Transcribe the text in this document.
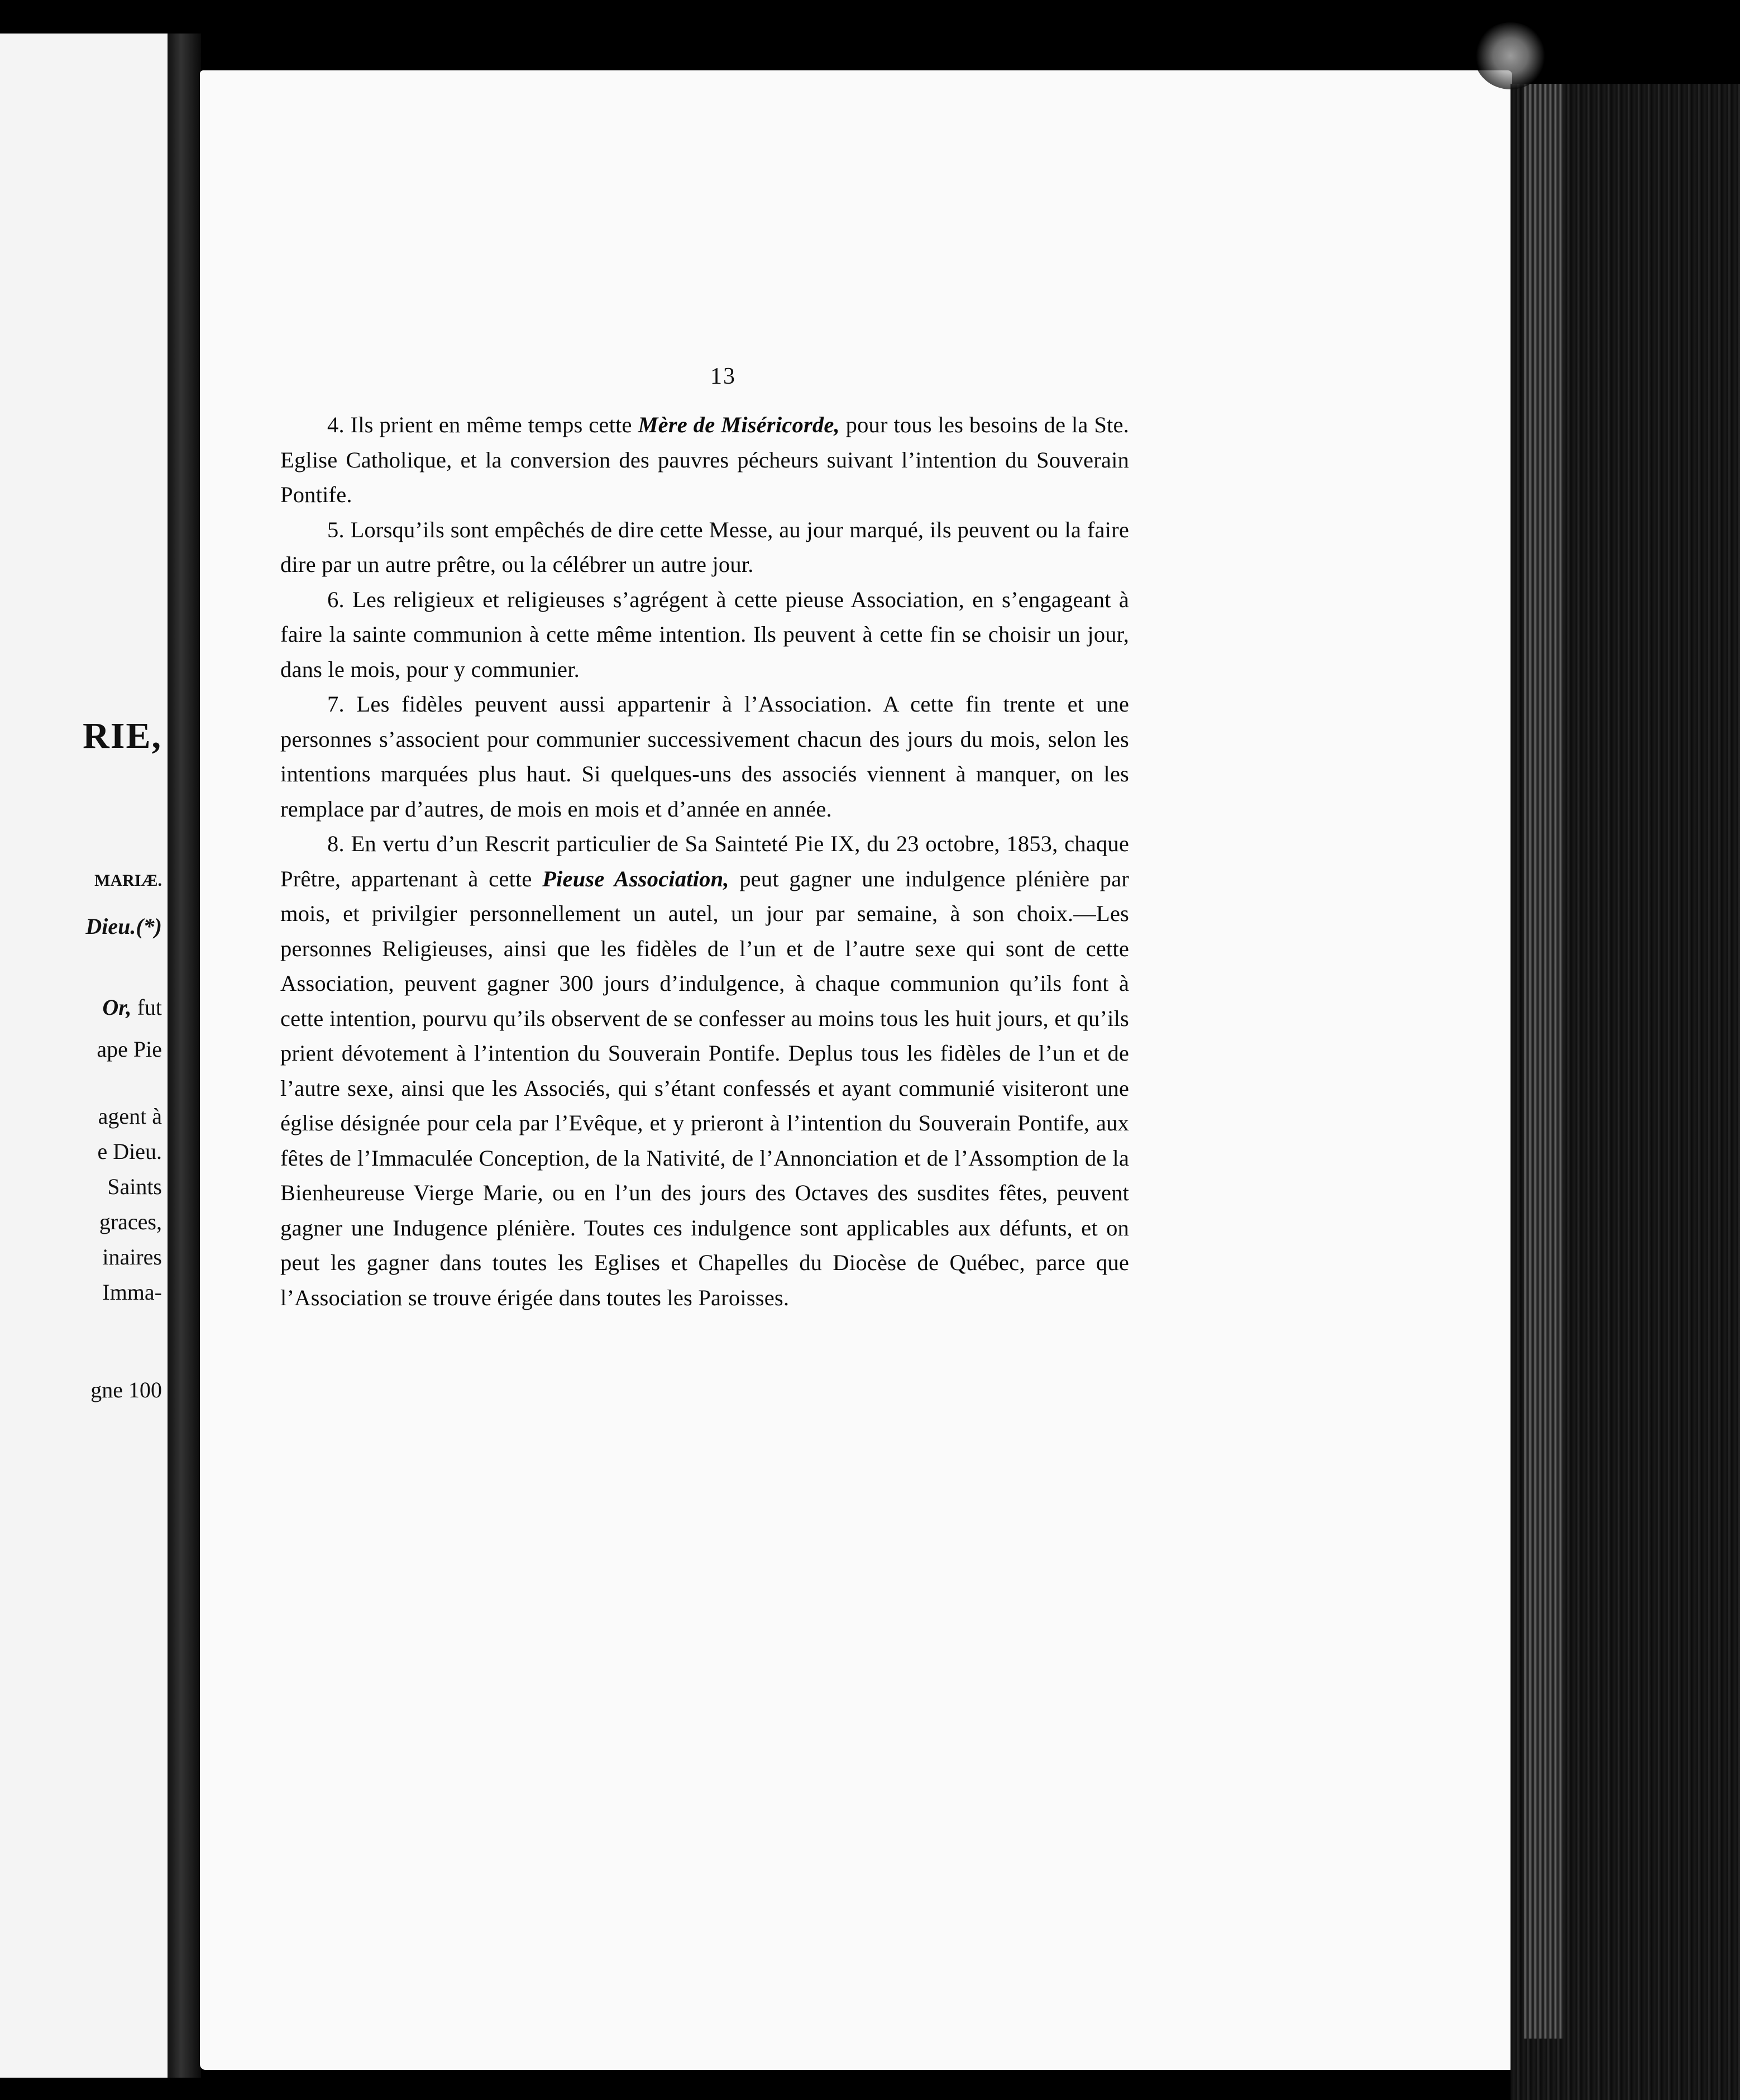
RIE,
MARIÆ.
Dieu.(*)
Or, fut
ape Pie
agent à
e Dieu.
Saints
graces,
inaires
Imma-
gne 100
13

4. Ils prient en même temps cette Mère de Miséricorde, pour tous les besoins de la Ste. Eglise Catholique, et la conversion des pauvres pécheurs suivant l’intention du Souverain Pontife.

5. Lorsqu’ils sont empêchés de dire cette Messe, au jour marqué, ils peuvent ou la faire dire par un autre prêtre, ou la célébrer un autre jour.

6. Les religieux et religieuses s’agrégent à cette pieuse Association, en s’engageant à faire la sainte communion à cette même intention. Ils peuvent à cette fin se choisir un jour, dans le mois, pour y communier.

7. Les fidèles peuvent aussi appartenir à l’Association. A cette fin trente et une personnes s’associent pour communier successivement chacun des jours du mois, selon les intentions marquées plus haut. Si quelques-uns des associés viennent à manquer, on les remplace par d’autres, de mois en mois et d’année en année.

8. En vertu d’un Rescrit particulier de Sa Sainteté Pie IX, du 23 octobre, 1853, chaque Prêtre, appartenant à cette Pieuse Association, peut gagner une indulgence plénière par mois, et privilgier personnellement un autel, un jour par semaine, à son choix.—Les personnes Religieuses, ainsi que les fidèles de l’un et de l’autre sexe qui sont de cette Association, peuvent gagner 300 jours d’indulgence, à chaque communion qu’ils font à cette intention, pourvu qu’ils observent de se confesser au moins tous les huit jours, et qu’ils prient dévotement à l’intention du Souverain Pontife. Deplus tous les fidèles de l’un et de l’autre sexe, ainsi que les Associés, qui s’étant confessés et ayant communié visiteront une église désignée pour cela par l’Evêque, et y prieront à l’intention du Souverain Pontife, aux fêtes de l’Immaculée Conception, de la Nativité, de l’Annonciation et de l’Assomption de la Bienheureuse Vierge Marie, ou en l’un des jours des Octaves des susdites fêtes, peuvent gagner une Indugence plénière. Toutes ces indulgence sont applicables aux défunts, et on peut les gagner dans toutes les Eglises et Chapelles du Diocèse de Québec, parce que l’Association se trouve érigée dans toutes les Paroisses.
